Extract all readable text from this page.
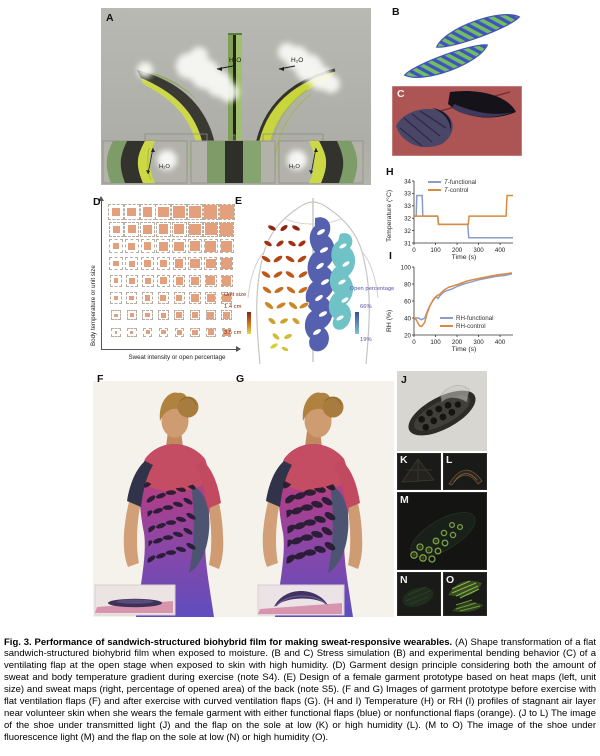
H₂O	H₂O
H₂O	H₂O
A	B
C
Body temperature or unit size
Sweat intensity or open percentage
D
Unit size
1.4 cm
3.5 cm
Open percentage
66%
19%
E	Temperature (°C)
0 100 200 300 400
34
33
33
32
32
31
Time (s)
T-functional
T-control
H
RH (%)
0 100 200 300 400
100
80
60
40
20
Time (s)
RH-functional
RH-control
I
F	G	J
K	L
M
N	O

Fig. 3. Performance of sandwich-structured biohybrid film for making sweat-responsive wearables. (A) Shape transformation of a flat sandwich-structured biohybrid film when exposed to moisture. (B and C) Stress simulation (B) and experimental bending behavior (C) of a ventilating flap at the open stage when exposed to skin with high humidity. (D) Garment design principle considering both the amount of sweat and body temperature gradient during exercise (note S4). (E) Design of a female garment prototype based on heat maps (left, unit size) and sweat maps (right, percentage of opened area) of the back (note S5). (F and G) Images of garment prototype before exercise with flat ventilation flaps (F) and after exercise with curved ventilation flaps (G). (H and I) Temperature (H) or RH (I) profiles of stagnant air layer near volunteer skin when she wears the female garment with either functional flaps (blue) or nonfunctional flaps (orange). (J to L) The image of the shoe under transmitted light (J) and the flap on the sole at low (K) or high humidity (L). (M to O) The image of the shoe under fluorescence light (M) and the flap on the sole at low (N) or high humidity (O).
